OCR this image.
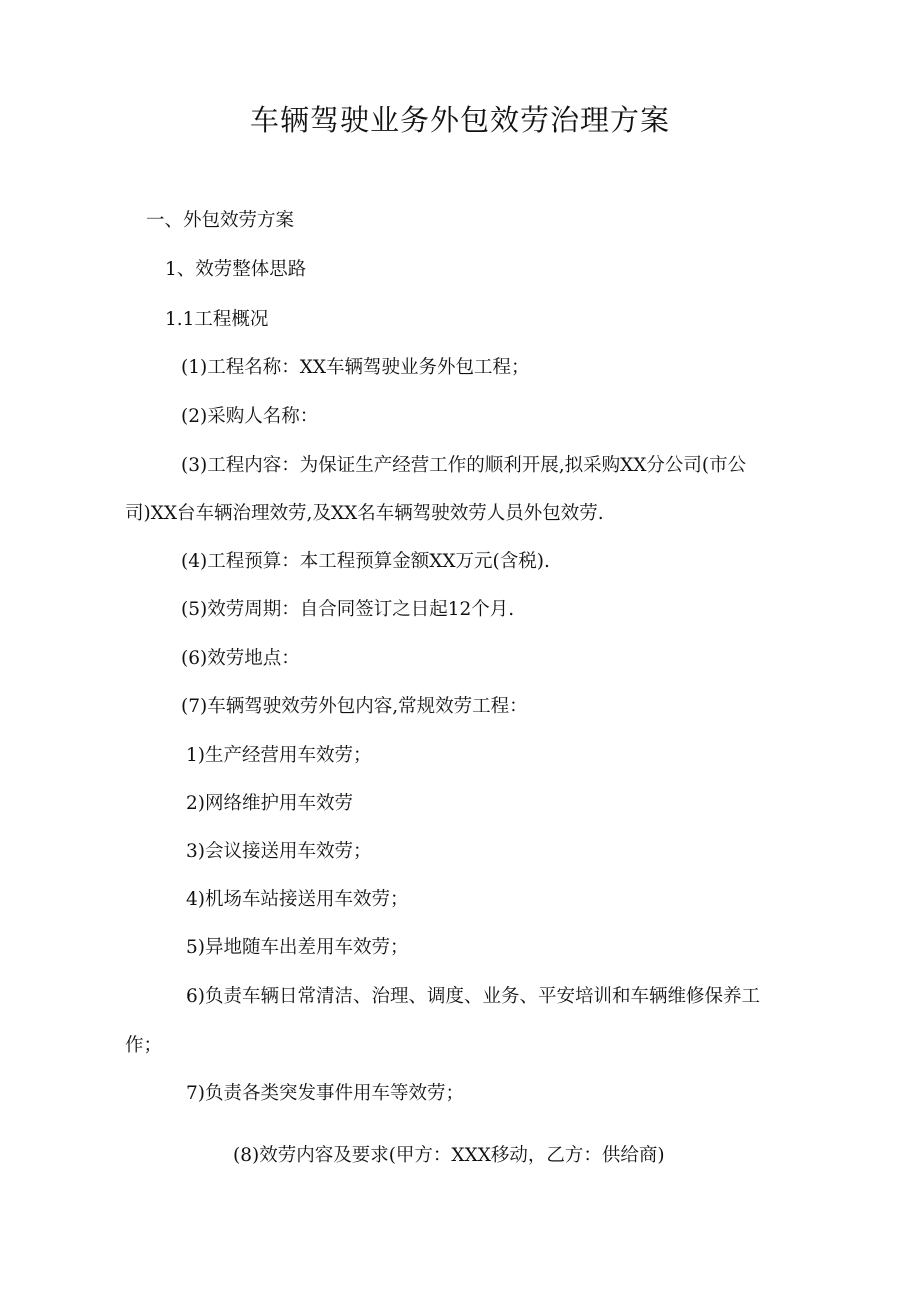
车辆驾驶业务外包效劳治理方案
一、外包效劳方案
1、效劳整体思路
1.1工程概况
(1)工程名称：XX车辆驾驶业务外包工程；
(2)采购人名称：
(3)工程内容：为保证生产经营工作的顺利开展,拟采购XX分公司(市公
司)XX台车辆治理效劳,及XX名车辆驾驶效劳人员外包效劳.
(4)工程预算：本工程预算金额XX万元(含税).
(5)效劳周期：自合同签订之日起12个月.
(6)效劳地点：
(7)车辆驾驶效劳外包内容,常规效劳工程：
1)生产经营用车效劳；
2)网络维护用车效劳
3)会议接送用车效劳；
4)机场车站接送用车效劳；
5)异地随车出差用车效劳；
6)负责车辆日常清洁、治理、调度、业务、平安培训和车辆维修保养工
作；
7)负责各类突发事件用车等效劳；
(8)效劳内容及要求(甲方：XXX移动，乙方：供给商)
